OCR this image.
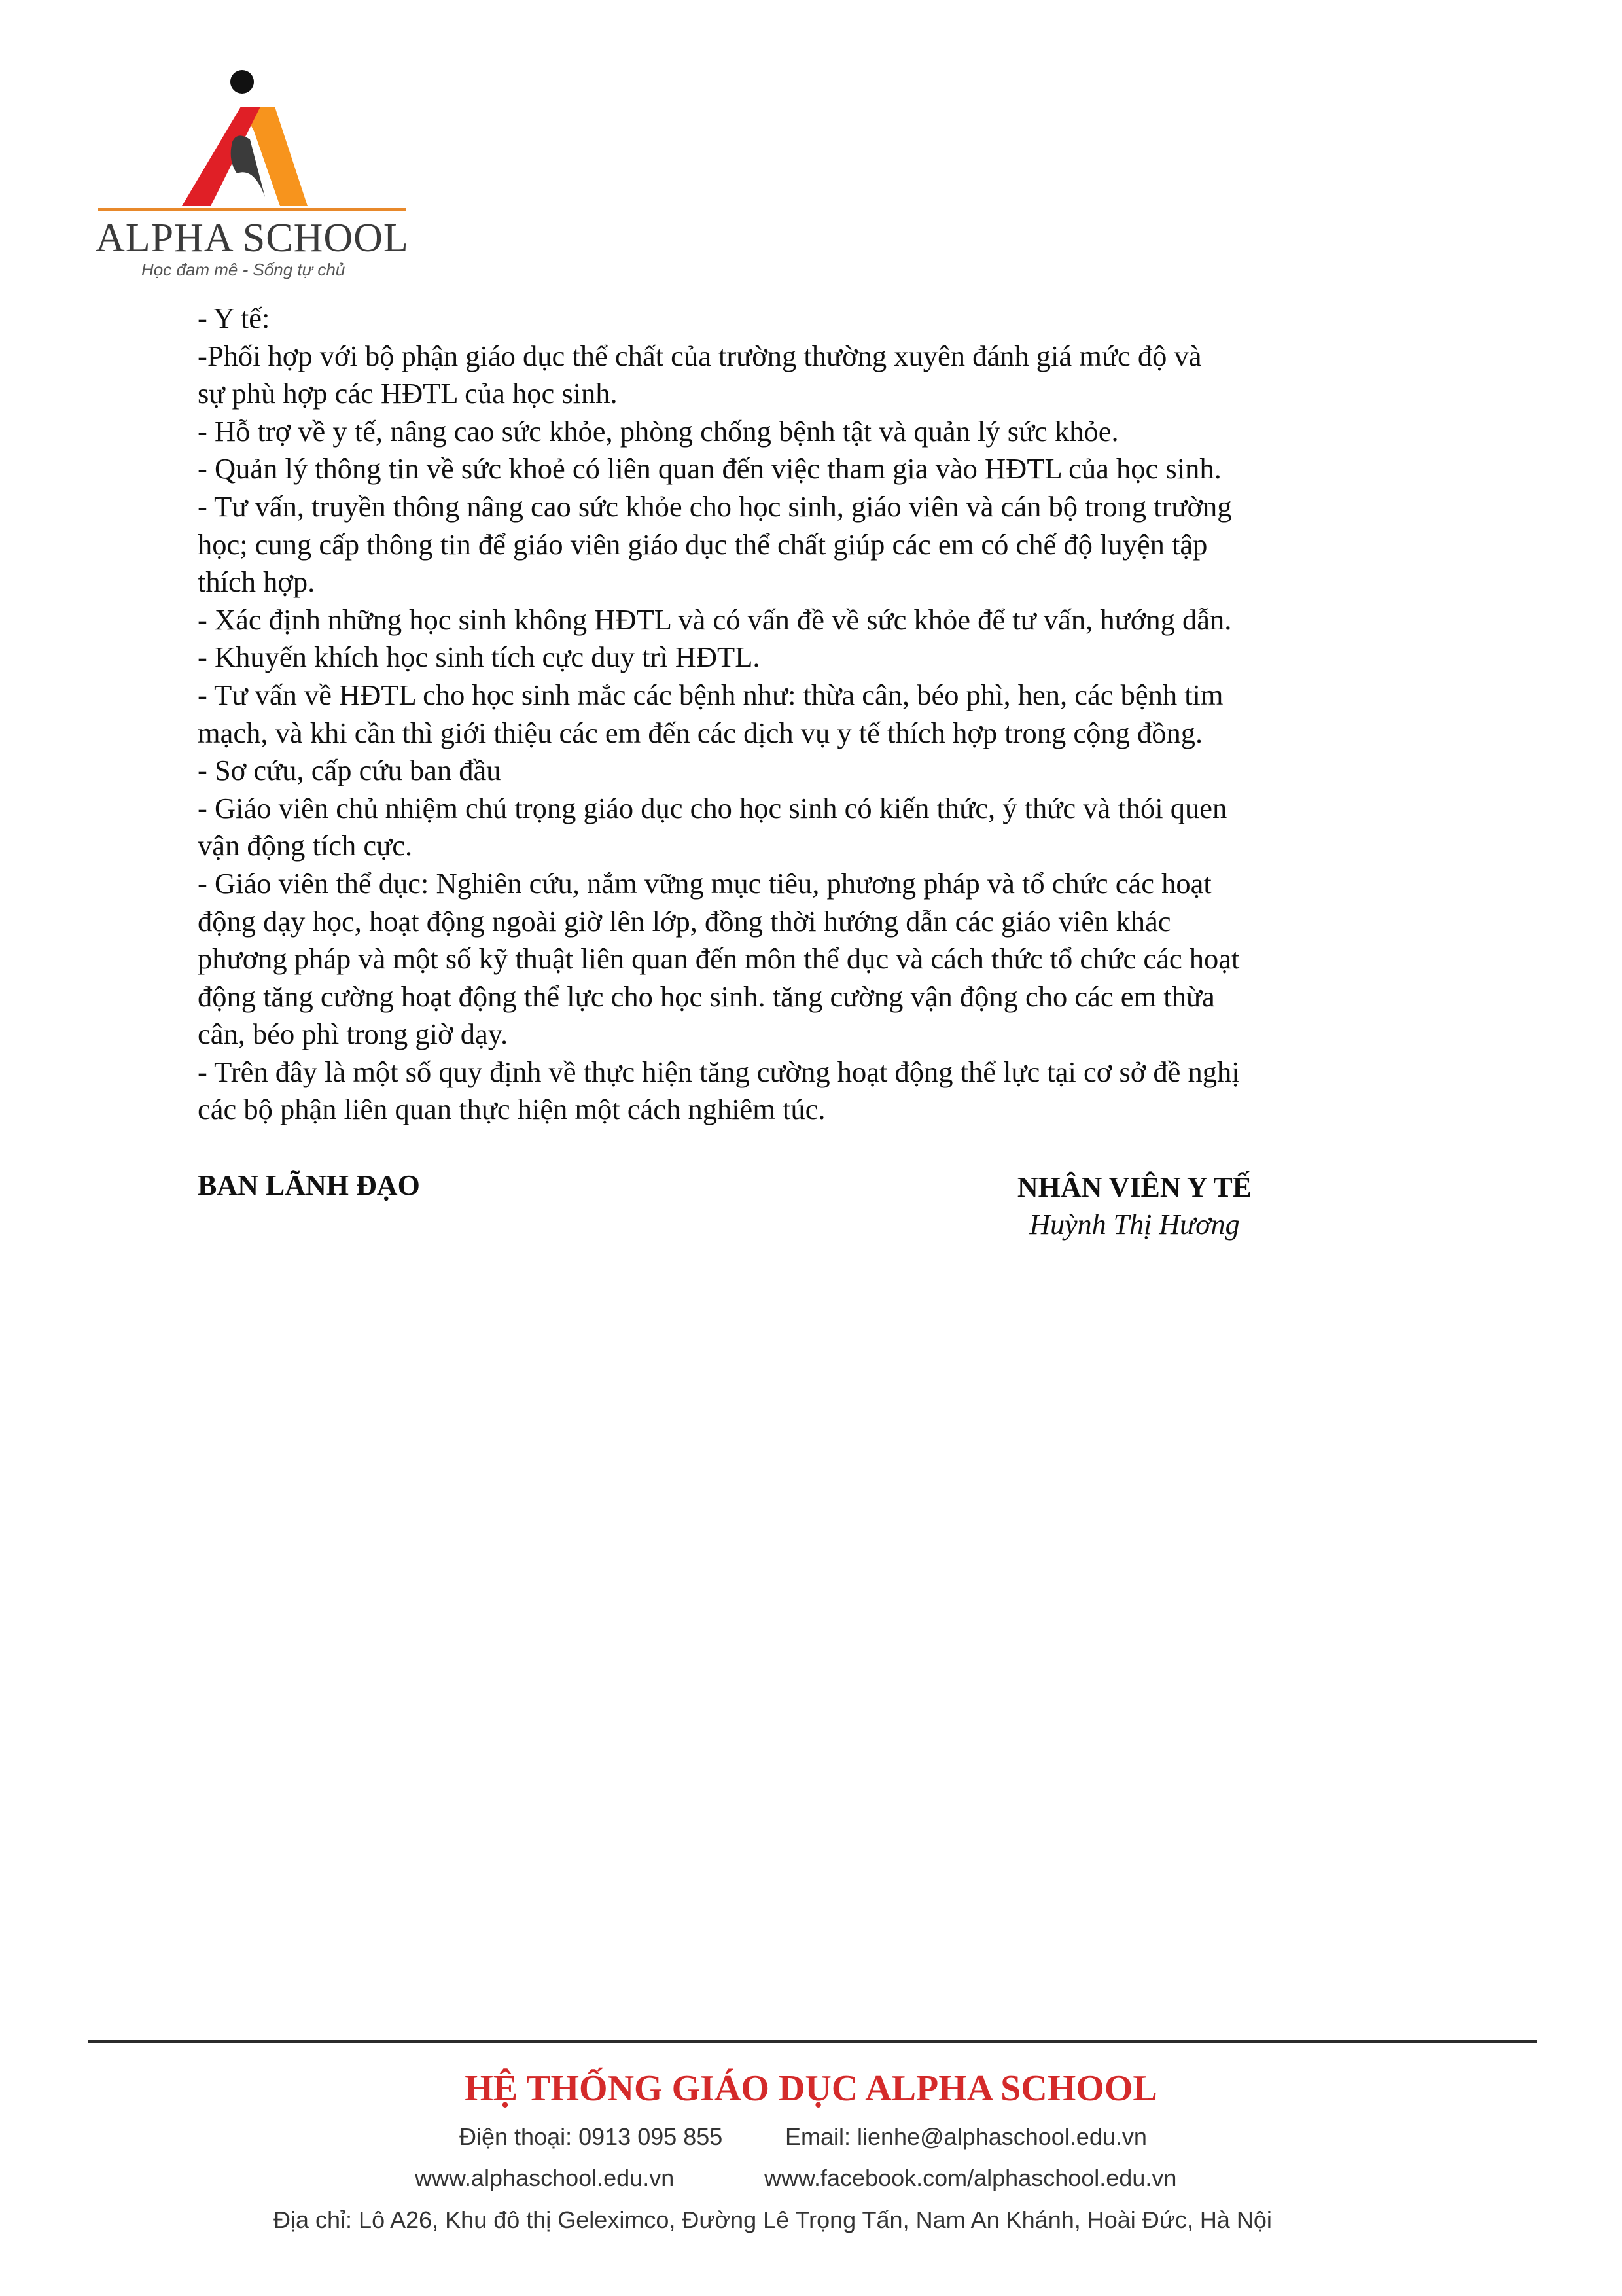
ALPHA SCHOOL
Học đam mê - Sống tự chủ

- Y tế:

-Phối hợp với bộ phận giáo dục thể chất của trường thường xuyên đánh giá mức độ và

sự phù hợp các HĐTL của học sinh.

- Hỗ trợ về y tế, nâng cao sức khỏe, phòng chống bệnh tật và quản lý sức khỏe.

- Quản lý thông tin về sức khoẻ có liên quan đến việc tham gia vào HĐTL của học sinh.

- Tư vấn, truyền thông nâng cao sức khỏe cho học sinh, giáo viên và cán bộ trong trường

học; cung cấp thông tin để giáo viên giáo dục thể chất giúp các em có chế độ luyện tập

thích hợp.

- Xác định những học sinh không HĐTL và có vấn đề về sức khỏe để tư vấn, hướng dẫn.

- Khuyến khích học sinh tích cực duy trì HĐTL.

- Tư vấn về HĐTL cho học sinh mắc các bệnh như: thừa cân, béo phì, hen, các bệnh tim

mạch, và khi cần thì giới thiệu các em đến các dịch vụ y tế thích hợp trong cộng đồng.

- Sơ cứu, cấp cứu ban đầu

- Giáo viên chủ nhiệm chú trọng giáo dục cho học sinh có kiến thức, ý thức và thói quen

vận động tích cực.

- Giáo viên thể dục: Nghiên cứu, nắm vững mục tiêu, phương pháp và tổ chức các hoạt

động dạy học, hoạt động ngoài giờ lên lớp, đồng thời hướng dẫn các giáo viên khác

phương pháp và một số kỹ thuật liên quan đến môn thể dục và cách thức tổ chức các hoạt

động tăng cường hoạt động thể lực cho học sinh. tăng cường vận động cho các em thừa

cân, béo phì trong giờ dạy.

- Trên đây là một số quy định về thực hiện tăng cường hoạt động thể lực tại cơ sở đề nghị

các bộ phận liên quan thực hiện một cách nghiêm túc.

BAN LÃNH ĐẠO	NHÂN VIÊN Y TẾ
Huỳnh Thị Hương
HỆ THỐNG GIÁO DỤC ALPHA SCHOOL
Điện thoại: 0913 095 855	Email: lienhe@alphaschool.edu.vn
www.alphaschool.edu.vn	www.facebook.com/alphaschool.edu.vn
Địa chỉ: Lô A26, Khu đô thị Geleximco, Đường Lê Trọng Tấn, Nam An Khánh, Hoài Đức, Hà Nội
